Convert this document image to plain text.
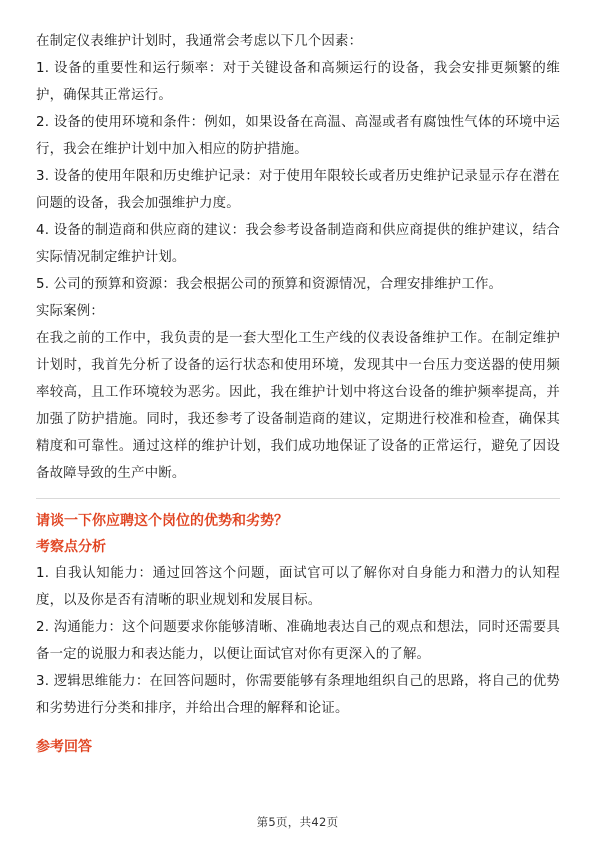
在制定仪表维护计划时，我通常会考虑以下几个因素：

1. 设备的重要性和运行频率：对于关键设备和高频运行的设备，我会安排更频繁的维护，确保其正常运行。

2. 设备的使用环境和条件：例如，如果设备在高温、高湿或者有腐蚀性气体的环境中运行，我会在维护计划中加入相应的防护措施。

3. 设备的使用年限和历史维护记录：对于使用年限较长或者历史维护记录显示存在潜在问题的设备，我会加强维护力度。

4. 设备的制造商和供应商的建议：我会参考设备制造商和供应商提供的维护建议，结合实际情况制定维护计划。

5. 公司的预算和资源：我会根据公司的预算和资源情况，合理安排维护工作。

实际案例：

在我之前的工作中，我负责的是一套大型化工生产线的仪表设备维护工作。在制定维护计划时，我首先分析了设备的运行状态和使用环境，发现其中一台压力变送器的使用频率较高，且工作环境较为恶劣。因此，我在维护计划中将这台设备的维护频率提高，并加强了防护措施。同时，我还参考了设备制造商的建议，定期进行校准和检查，确保其精度和可靠性。通过这样的维护计划，我们成功地保证了设备的正常运行，避免了因设备故障导致的生产中断。

请谈一下你应聘这个岗位的优势和劣势？

考察点分析

1. 自我认知能力：通过回答这个问题，面试官可以了解你对自身能力和潜力的认知程度，以及你是否有清晰的职业规划和发展目标。

2. 沟通能力：这个问题要求你能够清晰、准确地表达自己的观点和想法，同时还需要具备一定的说服力和表达能力，以便让面试官对你有更深入的了解。

3. 逻辑思维能力：在回答问题时，你需要能够有条理地组织自己的思路，将自己的优势和劣势进行分类和排序，并给出合理的解释和论证。

参考回答

第5页，共42页
